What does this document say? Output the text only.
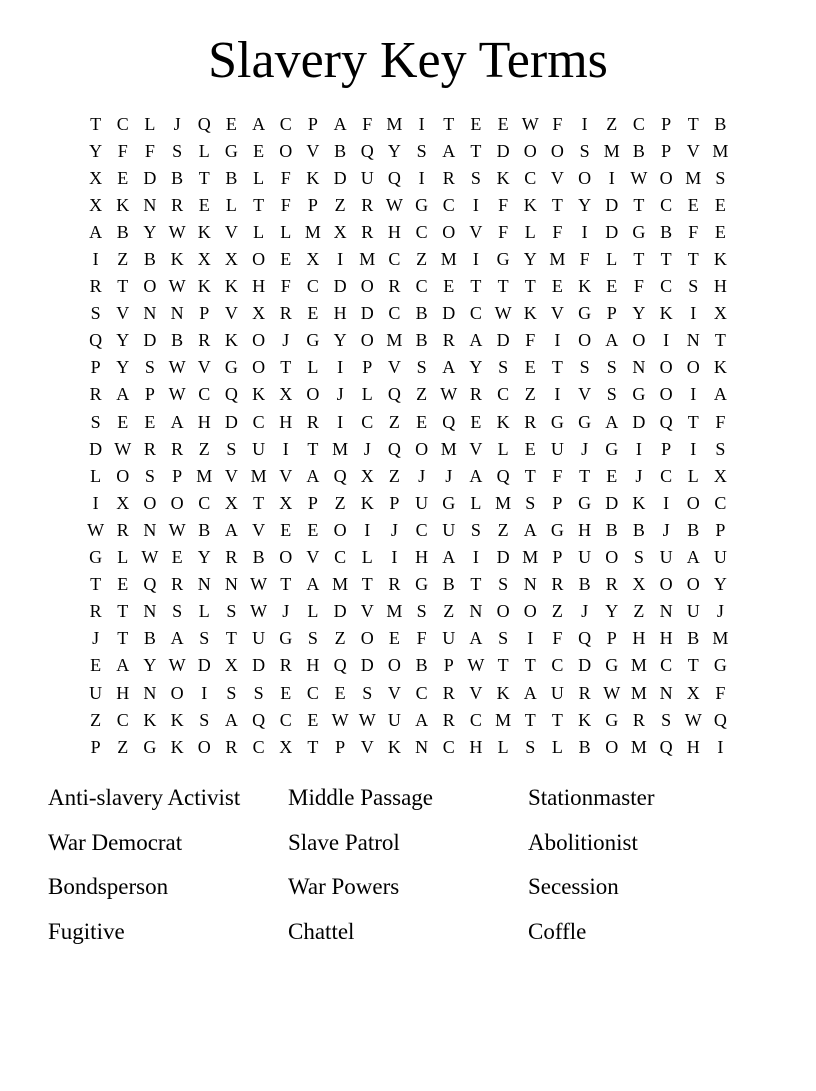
Slavery Key Terms
T C L	J Q E A C P A F M I	T E E W F	I	Z C P T B
Y F F S L G E O V B Q Y S A T D O O S M B P V M
X E D B T B L F K D U Q I	R S K C V O I W O M S
X K N R E L T F P Z R W G C	I	F K T Y D T C E E
A B Y W K V L L M X R H C O V F L F	I D G B F E
I	Z B K X X O E X I M C Z M I G Y M F L T T T K
R T O W K K H F C D O R C E T T T E K E F C S H
S V N N P V X R E H D C B D C W K V G P Y K I X
Q Y D B R K O J G Y O M B R A D F	I O A O I N T
P Y S W V G O T L	I	P V S A Y S E T S S N O O K
R A P W C Q K X O J	L Q Z W R C Z	I V S G O I A
S E E A H D C H R	I	C Z E Q E K R G G A D Q T F
D W R R Z S U I	T M J Q O M V L E U J G I	P	I	S
L O S P M V M V A Q X Z	J	J A Q T F T E	J C L X
I X O O C X T X P Z K P U G L M S P G D K I O C
W R N W B A V E E O I	J C U S Z A G H B B J B P
G L W E Y R B O V C L	I H A I D M P U O S U A U
T E Q R N N W T A M T R G B T S N R B R X O O Y
R T N S L S W J	L D V M S Z N O O Z	J Y Z N U J
J	T B A S T U G S Z O E F U A S	I	F Q P H H B M
E A Y W D X D R H Q D O B P W T T C D G M C T G
U H N O I	S S E C E S V C R V K A U R W M N X F
Z C K K S A Q C E W W U A R C M T T K G R S W Q
P Z G K O R C X T P V K N C H L S L B O M Q H I
Anti-slavery Activist	Middle Passage	Stationmaster
War Democrat	Slave Patrol	Abolitionist
Bondsperson	War Powers	Secession
Fugitive	Chattel	Coffle
